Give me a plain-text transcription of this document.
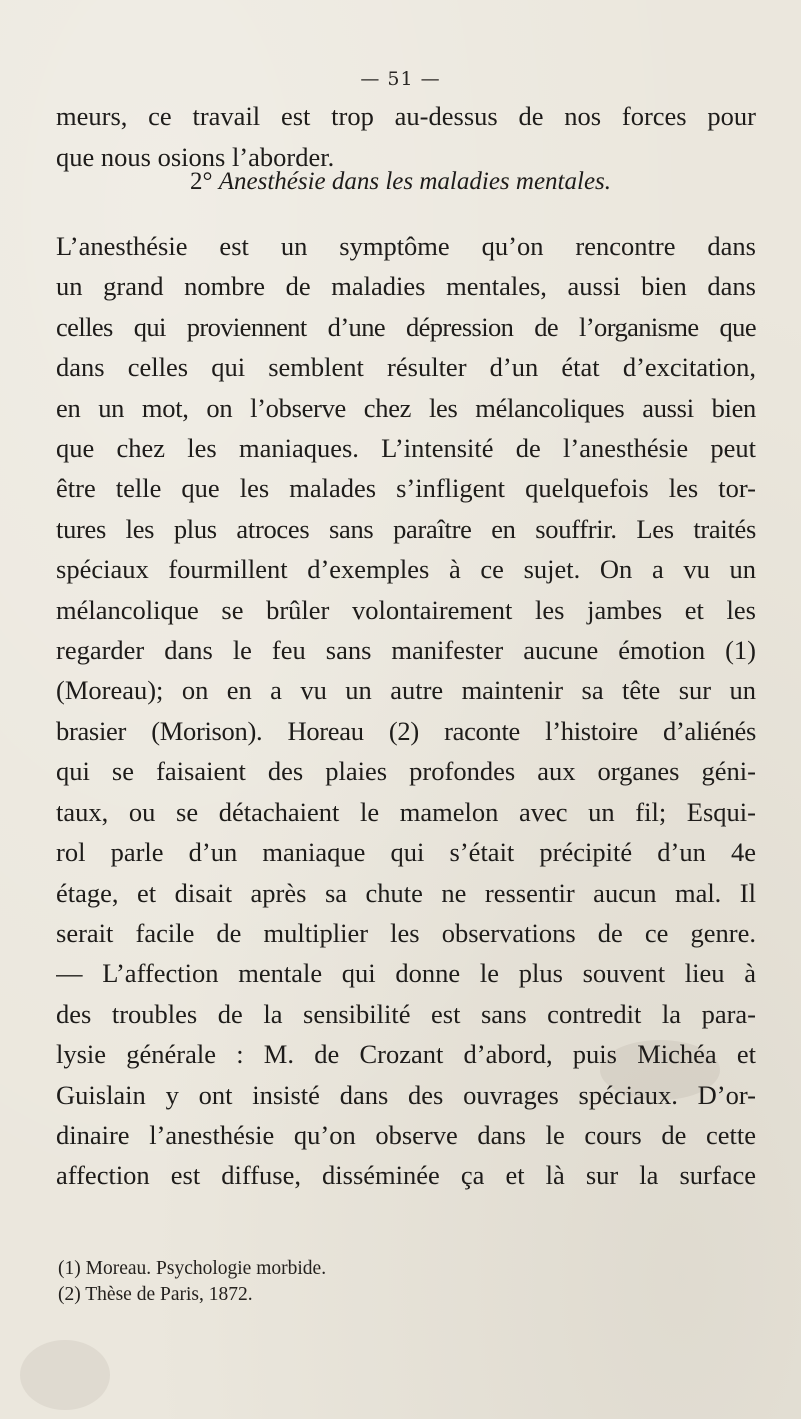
— 51 —
meurs, ce travail est trop au-dessus de nos forces pour
que nous osions l’aborder.
2° Anesthésie dans les maladies mentales.
L’anesthésie est un symptôme qu’on rencontre dans
un grand nombre de maladies mentales, aussi bien dans
celles qui proviennent d’une dépression de l’organisme que
dans celles qui semblent résulter d’un état d’excitation,
en un mot, on l’observe chez les mélancoliques aussi bien
que chez les maniaques. L’intensité de l’anesthésie peut
être telle que les malades s’infligent quelquefois les tor-
tures les plus atroces sans paraître en souffrir. Les traités
spéciaux fourmillent d’exemples à ce sujet. On a vu un
mélancolique se brûler volontairement les jambes et les
regarder dans le feu sans manifester aucune émotion (1)
(Moreau); on en a vu un autre maintenir sa tête sur un
brasier (Morison). Horeau (2) raconte l’histoire d’aliénés
qui se faisaient des plaies profondes aux organes géni-
taux, ou se détachaient le mamelon avec un fil; Esqui-
rol parle d’un maniaque qui s’était précipité d’un 4e
étage, et disait après sa chute ne ressentir aucun mal. Il
serait facile de multiplier les observations de ce genre.
— L’affection mentale qui donne le plus souvent lieu à
des troubles de la sensibilité est sans contredit la para-
lysie générale : M. de Crozant d’abord, puis Michéa et
Guislain y ont insisté dans des ouvrages spéciaux. D’or-
dinaire l’anesthésie qu’on observe dans le cours de cette
affection est diffuse, disséminée ça et là sur la surface
(1) Moreau. Psychologie morbide.
(2) Thèse de Paris, 1872.
